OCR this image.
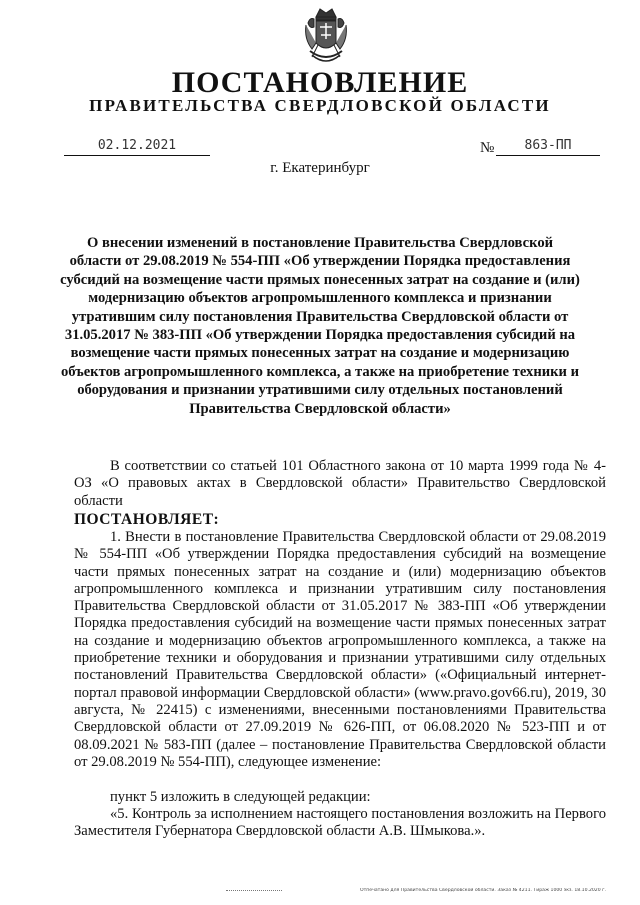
ПОСТАНОВЛЕНИЕ
ПРАВИТЕЛЬСТВА СВЕРДЛОВСКОЙ ОБЛАСТИ
02.12.2021	№	863-ПП
г. Екатеринбург
О внесении изменений в постановление Правительства Свердловской области от 29.08.2019 № 554-ПП «Об утверждении Порядка предоставления субсидий на возмещение части прямых понесенных затрат на создание и (или) модернизацию объектов агропромышленного комплекса и признании утратившим силу постановления Правительства Свердловской области от 31.05.2017 № 383-ПП «Об утверждении Порядка предоставления субсидий на возмещение части прямых понесенных затрат на создание и модернизацию объектов агропромышленного комплекса, а также на приобретение техники и оборудования и признании утратившими силу отдельных постановлений Правительства Свердловской области»
В соответствии со статьей 101 Областного закона от 10 марта 1999 года № 4-ОЗ «О правовых актах в Свердловской области» Правительство Свердловской области
ПОСТАНОВЛЯЕТ:
1. Внести в постановление Правительства Свердловской области от 29.08.2019 № 554-ПП «Об утверждении Порядка предоставления субсидий на возмещение части прямых понесенных затрат на создание и (или) модернизацию объектов агропромышленного комплекса и признании утратившим силу постановления Правительства Свердловской области от 31.05.2017 № 383-ПП «Об утверждении Порядка предоставления субсидий на возмещение части прямых понесенных затрат на создание и модернизацию объектов агропромышленного комплекса, а также на приобретение техники и оборудования и признании утратившими силу отдельных постановлений Правительства Свердловской области» («Официальный интернет-портал правовой информации Свердловской области» (www.pravo.gov66.ru), 2019, 30 августа, № 22415) с изменениями, внесенными постановлениями Правительства Свердловской области от 27.09.2019 № 626-ПП, от 06.08.2020 № 523-ПП и от 08.09.2021 № 583-ПП (далее – постановление Правительства Свердловской области от 29.08.2019 № 554-ПП), следующее изменение:
пункт 5 изложить в следующей редакции:
«5. Контроль за исполнением настоящего постановления возложить на Первого Заместителя Губернатора Свердловской области А.В. Шмыкова.».
Отпечатано для Правительства Свердловской области. Заказ № 4211. Тираж 1000 экз. 18.10.2020 г.
